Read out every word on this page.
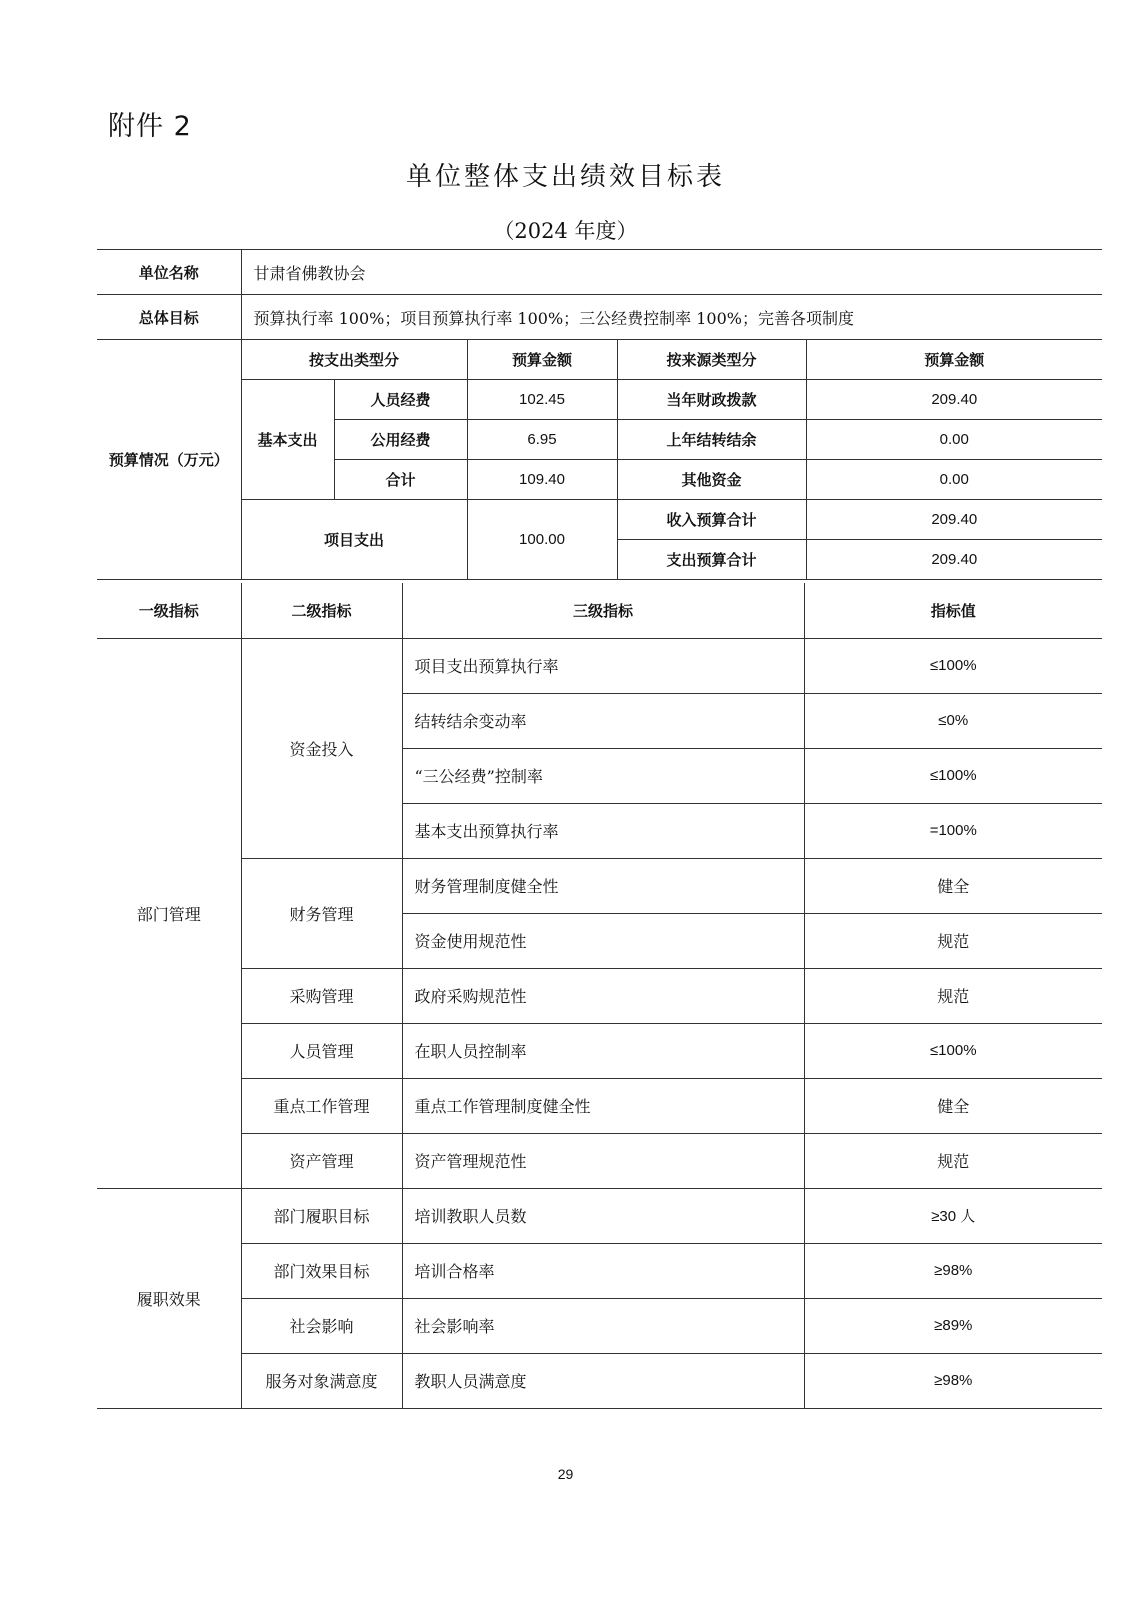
附件 2
单位整体支出绩效目标表
（2024 年度）
单位名称	甘肃省佛教协会				
总体目标	预算执行率 100%；项目预算执行率 100%；三公经费控制率 100%；完善各项制度				
预算情况（万元）	按支出类型分		预算金额	按来源类型分	预算金额
	基本支出	人员经费	102.45	当年财政拨款	209.40
		公用经费	6.95	上年结转结余	0.00
		合计	109.40	其他资金	0.00
	项目支出		100.00	收入预算合计	209.40
				支出预算合计	209.40
一级指标	二级指标	三级指标	指标值
部门管理	资金投入	项目支出预算执行率	≤100%
		结转结余变动率	≤0%
		“三公经费”控制率	≤100%
		基本支出预算执行率	=100%
	财务管理	财务管理制度健全性	健全
		资金使用规范性	规范
	采购管理	政府采购规范性	规范
	人员管理	在职人员控制率	≤100%
	重点工作管理	重点工作管理制度健全性	健全
	资产管理	资产管理规范性	规范
履职效果	部门履职目标	培训教职人员数	≥30 人
	部门效果目标	培训合格率	≥98%
	社会影响	社会影响率	≥89%
	服务对象满意度	教职人员满意度	≥98%
29
